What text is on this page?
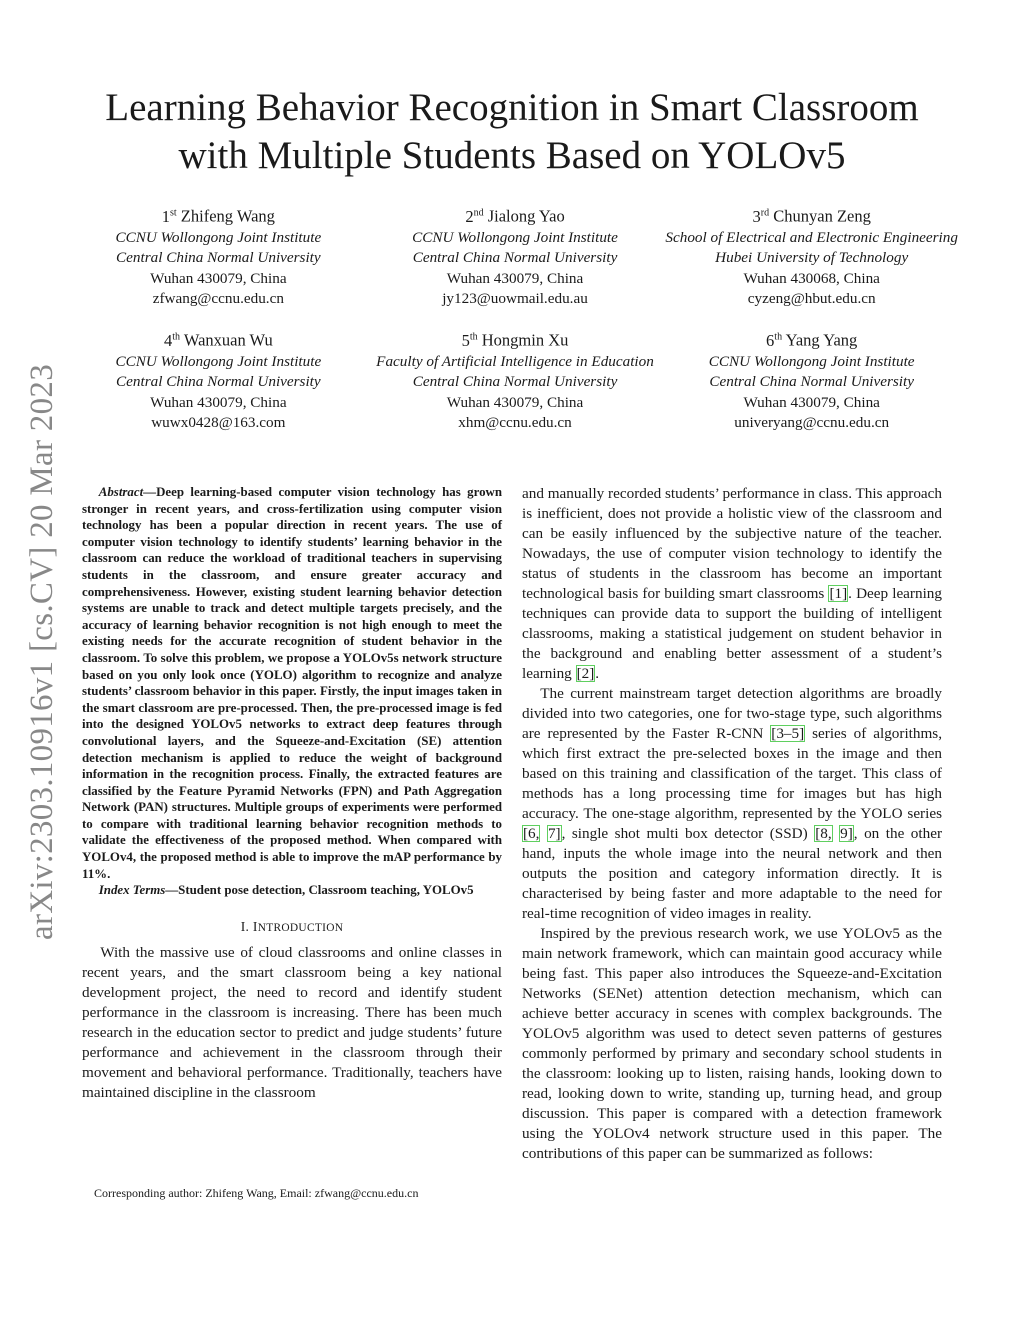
arXiv:2303.10916v1 [cs.CV] 20 Mar 2023
Learning Behavior Recognition in Smart Classroom
with Multiple Students Based on YOLOv5
1st Zhifeng Wang
CCNU Wollongong Joint Institute
Central China Normal University
Wuhan 430079, China
zfwang@ccnu.edu.cn
2nd Jialong Yao
CCNU Wollongong Joint Institute
Central China Normal University
Wuhan 430079, China
jy123@uowmail.edu.au
3rd Chunyan Zeng
School of Electrical and Electronic Engineering
Hubei University of Technology
Wuhan 430068, China
cyzeng@hbut.edu.cn
4th Wanxuan Wu
CCNU Wollongong Joint Institute
Central China Normal University
Wuhan 430079, China
wuwx0428@163.com
5th Hongmin Xu
Faculty of Artificial Intelligence in Education
Central China Normal University
Wuhan 430079, China
xhm@ccnu.edu.cn
6th Yang Yang
CCNU Wollongong Joint Institute
Central China Normal University
Wuhan 430079, China
univeryang@ccnu.edu.cn

Abstract—Deep learning-based computer vision technology has grown stronger in recent years, and cross-fertilization using computer vision technology has been a popular direction in recent years. The use of computer vision technology to identify students’ learning behavior in the classroom can reduce the workload of traditional teachers in supervising students in the classroom, and ensure greater accuracy and comprehensiveness. However, existing student learning behavior detection systems are unable to track and detect multiple targets precisely, and the accuracy of learning behavior recognition is not high enough to meet the existing needs for the accurate recognition of student behavior in the classroom. To solve this problem, we propose a YOLOv5s network structure based on you only look once (YOLO) algorithm to recognize and analyze students’ classroom behavior in this paper. Firstly, the input images taken in the smart classroom are pre-processed. Then, the pre-processed image is fed into the designed YOLOv5 networks to extract deep features through convolutional layers, and the Squeeze-and-Excitation (SE) attention detection mechanism is applied to reduce the weight of background information in the recognition process. Finally, the extracted features are classified by the Feature Pyramid Networks (FPN) and Path Aggregation Network (PAN) structures. Multiple groups of experiments were performed to compare with traditional learning behavior recognition methods to validate the effectiveness of the proposed method. When compared with YOLOv4, the proposed method is able to improve the mAP performance by 11%.

Index Terms—Student pose detection, Classroom teaching, YOLOv5

I. INTRODUCTION

With the massive use of cloud classrooms and online classes in recent years, and the smart classroom being a key national development project, the need to record and identify student performance in the classroom is increasing. There has been much research in the education sector to predict and judge students’ future performance and achievement in the classroom through their movement and behavioral performance. Traditionally, teachers have maintained discipline in the classroom

Corresponding author: Zhifeng Wang, Email: zfwang@ccnu.edu.cn

and manually recorded students’ performance in class. This approach is inefficient, does not provide a holistic view of the classroom and can be easily influenced by the subjective nature of the teacher. Nowadays, the use of computer vision technology to identify the status of students in the classroom has become an important technological basis for building smart classrooms [1]. Deep learning techniques can provide data to support the building of intelligent classrooms, making a statistical judgement on student behavior in the background and enabling better assessment of a student’s learning [2].

The current mainstream target detection algorithms are broadly divided into two categories, one for two-stage type, such algorithms are represented by the Faster R-CNN [3–5] series of algorithms, which first extract the pre-selected boxes in the image and then based on this training and classification of the target. This class of methods has a long processing time for images but has high accuracy. The one-stage algorithm, represented by the YOLO series [6, 7], single shot multi box detector (SSD) [8, 9], on the other hand, inputs the whole image into the neural network and then outputs the position and category information directly. It is characterised by being faster and more adaptable to the need for real-time recognition of video images in reality.

Inspired by the previous research work, we use YOLOv5 as the main network framework, which can maintain good accuracy while being fast. This paper also introduces the Squeeze-and-Excitation Networks (SENet) attention detection mechanism, which can achieve better accuracy in scenes with complex backgrounds. The YOLOv5 algorithm was used to detect seven patterns of gestures commonly performed by primary and secondary school students in the classroom: looking up to listen, raising hands, looking down to read, looking down to write, standing up, turning head, and group discussion. This paper is compared with a detection framework using the YOLOv4 network structure used in this paper. The contributions of this paper can be summarized as follows:
